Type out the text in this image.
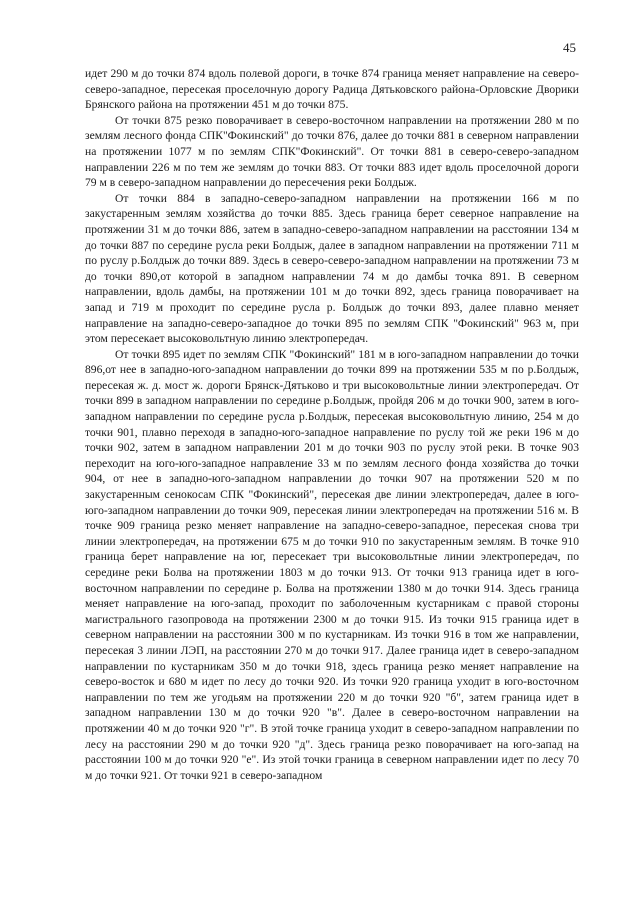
45

идет 290 м до точки 874 вдоль полевой дороги, в точке 874 граница меняет направление на северо-северо-западное, пересекая проселочную дорогу Радица Дятьковского района-Орловские Дворики Брянского района на протяжении 451 м до точки 875.

От точки 875 резко поворачивает в северо-восточном направлении на протяжении 280 м по землям лесного фонда СПК"Фокинский" до точки 876, далее до точки 881 в северном направлении на протяжении 1077 м по землям СПК"Фокинский". От точки 881 в северо-северо-западном направлении 226 м по тем же землям до точки 883. От точки 883 идет вдоль проселочной дороги 79 м в северо-западном направлении до пересечения реки Болдыж.

От точки 884 в западно-северо-западном направлении на протяжении 166 м по закустаренным землям хозяйства до точки 885. Здесь граница берет северное направление на протяжении 31 м до точки 886, затем в западно-северо-западном направлении на расстоянии 134 м до точки 887 по середине русла реки Болдыж, далее в западном направлении на протяжении 711 м по руслу р.Болдыж до точки 889. Здесь в северо-северо-западном направлении на протяжении 73 м до точки 890,от которой в западном направлении 74 м до дамбы точка 891. В северном направлении, вдоль дамбы, на протяжении 101 м до точки 892, здесь граница поворачивает на запад и 719 м проходит по середине русла р. Болдыж до точки 893, далее плавно меняет направление на западно-северо-западное до точки 895 по землям СПК "Фокинский" 963 м, при этом пересекает высоковольтную линию электропередач.

От точки 895 идет по землям СПК "Фокинский" 181 м в юго-западном направлении до точки 896,от нее в западно-юго-западном направлении до точки 899 на протяжении 535 м по р.Болдыж, пересекая ж. д. мост ж. дороги Брянск-Дятьково и три высоковольтные линии электропередач. От точки 899 в западном направлении по середине р.Болдыж, пройдя 206 м до точки 900, затем в юго-западном направлении по середине русла р.Болдыж, пересекая высоковольтную линию, 254 м до точки 901, плавно переходя в западно-юго-западное направление по руслу той же реки 196 м до точки 902, затем в западном направлении 201 м до точки 903 по руслу этой реки. В точке 903 переходит на юго-юго-западное направление 33 м по землям лесного фонда хозяйства до точки 904, от нее в западно-юго-западном направлении до точки 907 на протяжении 520 м по закустаренным сенокосам СПК "Фокинский", пересекая две линии электропередач, далее в юго-юго-западном направлении до точки 909, пересекая линии электропередач на протяжении 516 м. В точке 909 граница резко меняет направление на западно-северо-западное, пересекая снова три линии электропередач, на протяжении 675 м до точки 910 по закустаренным землям. В точке 910 граница берет направление на юг, пересекает три высоковольтные линии электропередач, по середине реки Болва на протяжении 1803 м до точки 913. От точки 913 граница идет в юго-восточном направлении по середине р. Болва на протяжении 1380 м до точки 914. Здесь граница меняет направление на юго-запад, проходит по заболоченным кустарникам с правой стороны магистрального газопровода на протяжении 2300 м до точки 915. Из точки 915 граница идет в северном направлении на расстоянии 300 м по кустарникам. Из точки 916 в том же направлении, пересекая 3 линии ЛЭП, на расстоянии 270 м до точки 917. Далее граница идет в северо-западном направлении по кустарникам 350 м до точки 918, здесь граница резко меняет направление на северо-восток и 680 м идет по лесу до точки 920. Из точки 920 граница уходит в юго-восточном направлении по тем же угодьям на протяжении 220 м до точки 920 "б", затем граница идет в западном направлении 130 м до точки 920 "в". Далее в северо-восточном направлении на протяжении 40 м до точки 920 "г". В этой точке граница уходит в северо-западном направлении по лесу на расстоянии 290 м до точки 920 "д". Здесь граница резко поворачивает на юго-запад на расстоянии 100 м до точки 920 "е". Из этой точки граница в северном направлении идет по лесу 70 м до точки 921. От точки 921 в северо-западном
